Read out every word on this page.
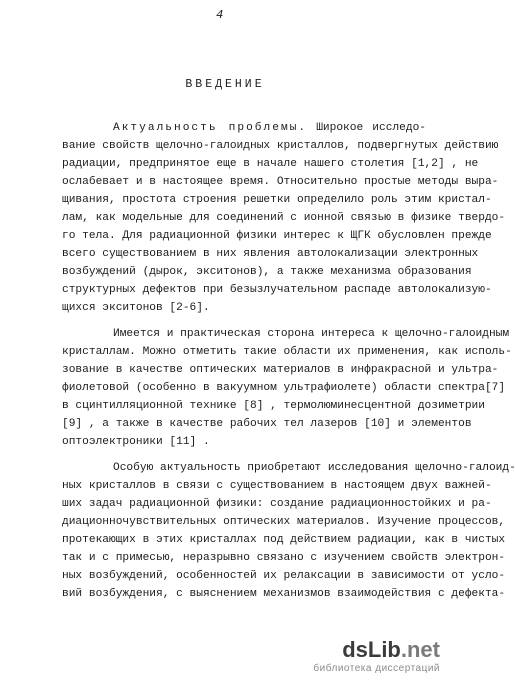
4
ВВЕДЕНИЕ
Актуальность проблемы. Широкое исследо-
вание свойств щелочно-галоидных кристаллов, подвергнутых действию
радиации, предпринятое еще в начале нашего столетия [1,2] , не
ослабевает и в настоящее время. Относительно простые методы выра-
щивания, простота строения решетки определило роль этим кристал-
лам, как модельные для соединений с ионной связью в физике твердо-
го тела. Для радиационной физики интерес к ЩГК обусловлен прежде
всего существованием в них явления автолокализации электронных
возбуждений (дырок, экситонов), а также механизма образования
структурных дефектов при безызлучательном распаде автолокализую-
щихся экситонов [2-6].
Имеется и практическая сторона интереса к щелочно-галоидным
кристаллам. Можно отметить такие области их применения, как исполь-
зование в качестве оптических материалов в инфракрасной и ультра-
фиолетовой (особенно в вакуумном ультрафиолете) области спектра[7]
в сцинтилляционной технике [8] , термолюминесцентной дозиметрии
[9] , а также в качестве рабочих тел лазеров [10] и элементов
оптоэлектроники [11] .
Особую актуальность приобретают исследования щелочно-галоид-
ных кристаллов в связи с существованием в настоящем двух важней-
ших задач радиационной физики: создание радиационностойких и ра-
диационночувствительных оптических материалов. Изучение процессов,
протекающих в этих кристаллах под действием радиации, как в чистых
так и с примесью, неразрывно связано с изучением свойств электрон-
ных возбуждений, особенностей их релаксации в зависимости от усло-
вий возбуждения, с выяснением механизмов взаимодействия с дефекта-
dsLib.net
библиотека диссертаций
